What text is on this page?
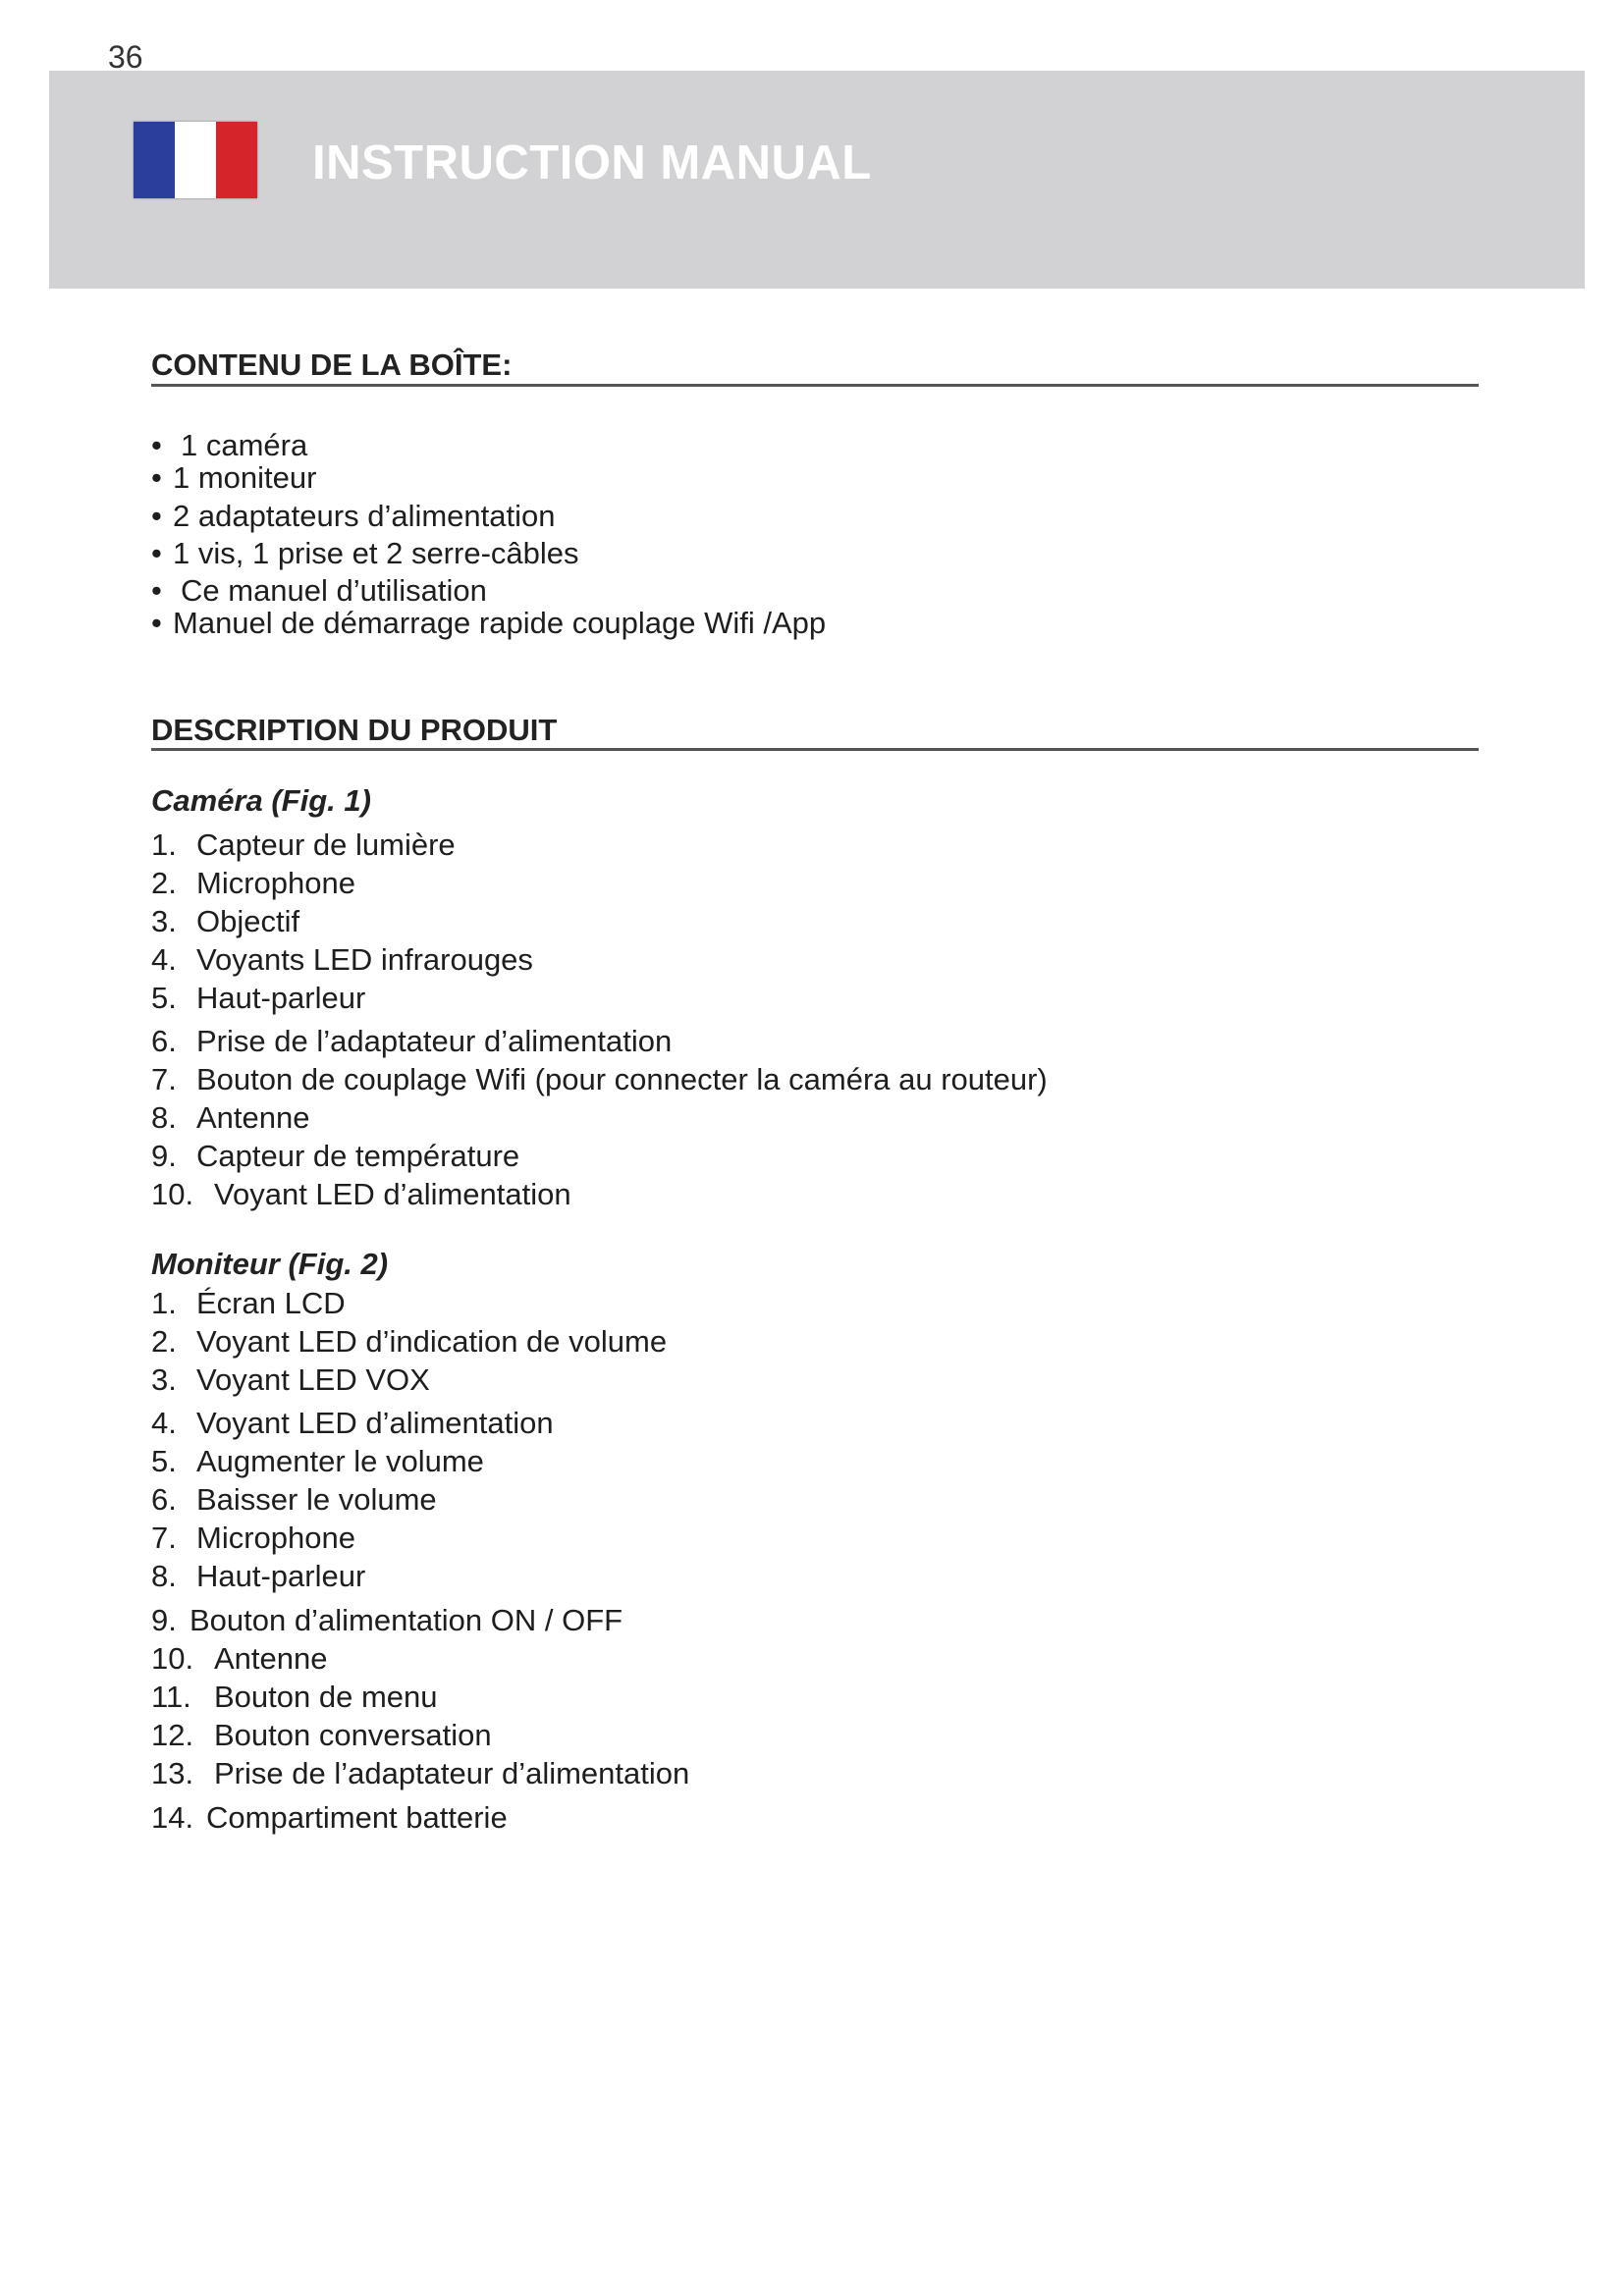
36
INSTRUCTION MANUAL
CONTENU DE LA BOÎTE:
• 1 caméra
• 1 moniteur
• 2 adaptateurs d’alimentation
• 1 vis, 1 prise et 2 serre-câbles
• Ce manuel d’utilisation
• Manuel de démarrage rapide couplage Wifi /App
DESCRIPTION DU PRODUIT
Caméra (Fig. 1)
1. Capteur de lumière
2. Microphone
3. Objectif
4. Voyants LED infrarouges
5. Haut-parleur
6. Prise de l’adaptateur d’alimentation
7. Bouton de couplage Wifi (pour connecter la caméra au routeur)
8. Antenne
9. Capteur de température
10. Voyant LED d’alimentation
Moniteur (Fig. 2)
1. Écran LCD
2. Voyant LED d’indication de volume
3. Voyant LED VOX
4. Voyant LED d’alimentation
5. Augmenter le volume
6. Baisser le volume
7. Microphone
8. Haut-parleur
9. Bouton d’alimentation ON / OFF
10. Antenne
11. Bouton de menu
12. Bouton conversation
13. Prise de l’adaptateur d’alimentation
14. Compartiment batterie
